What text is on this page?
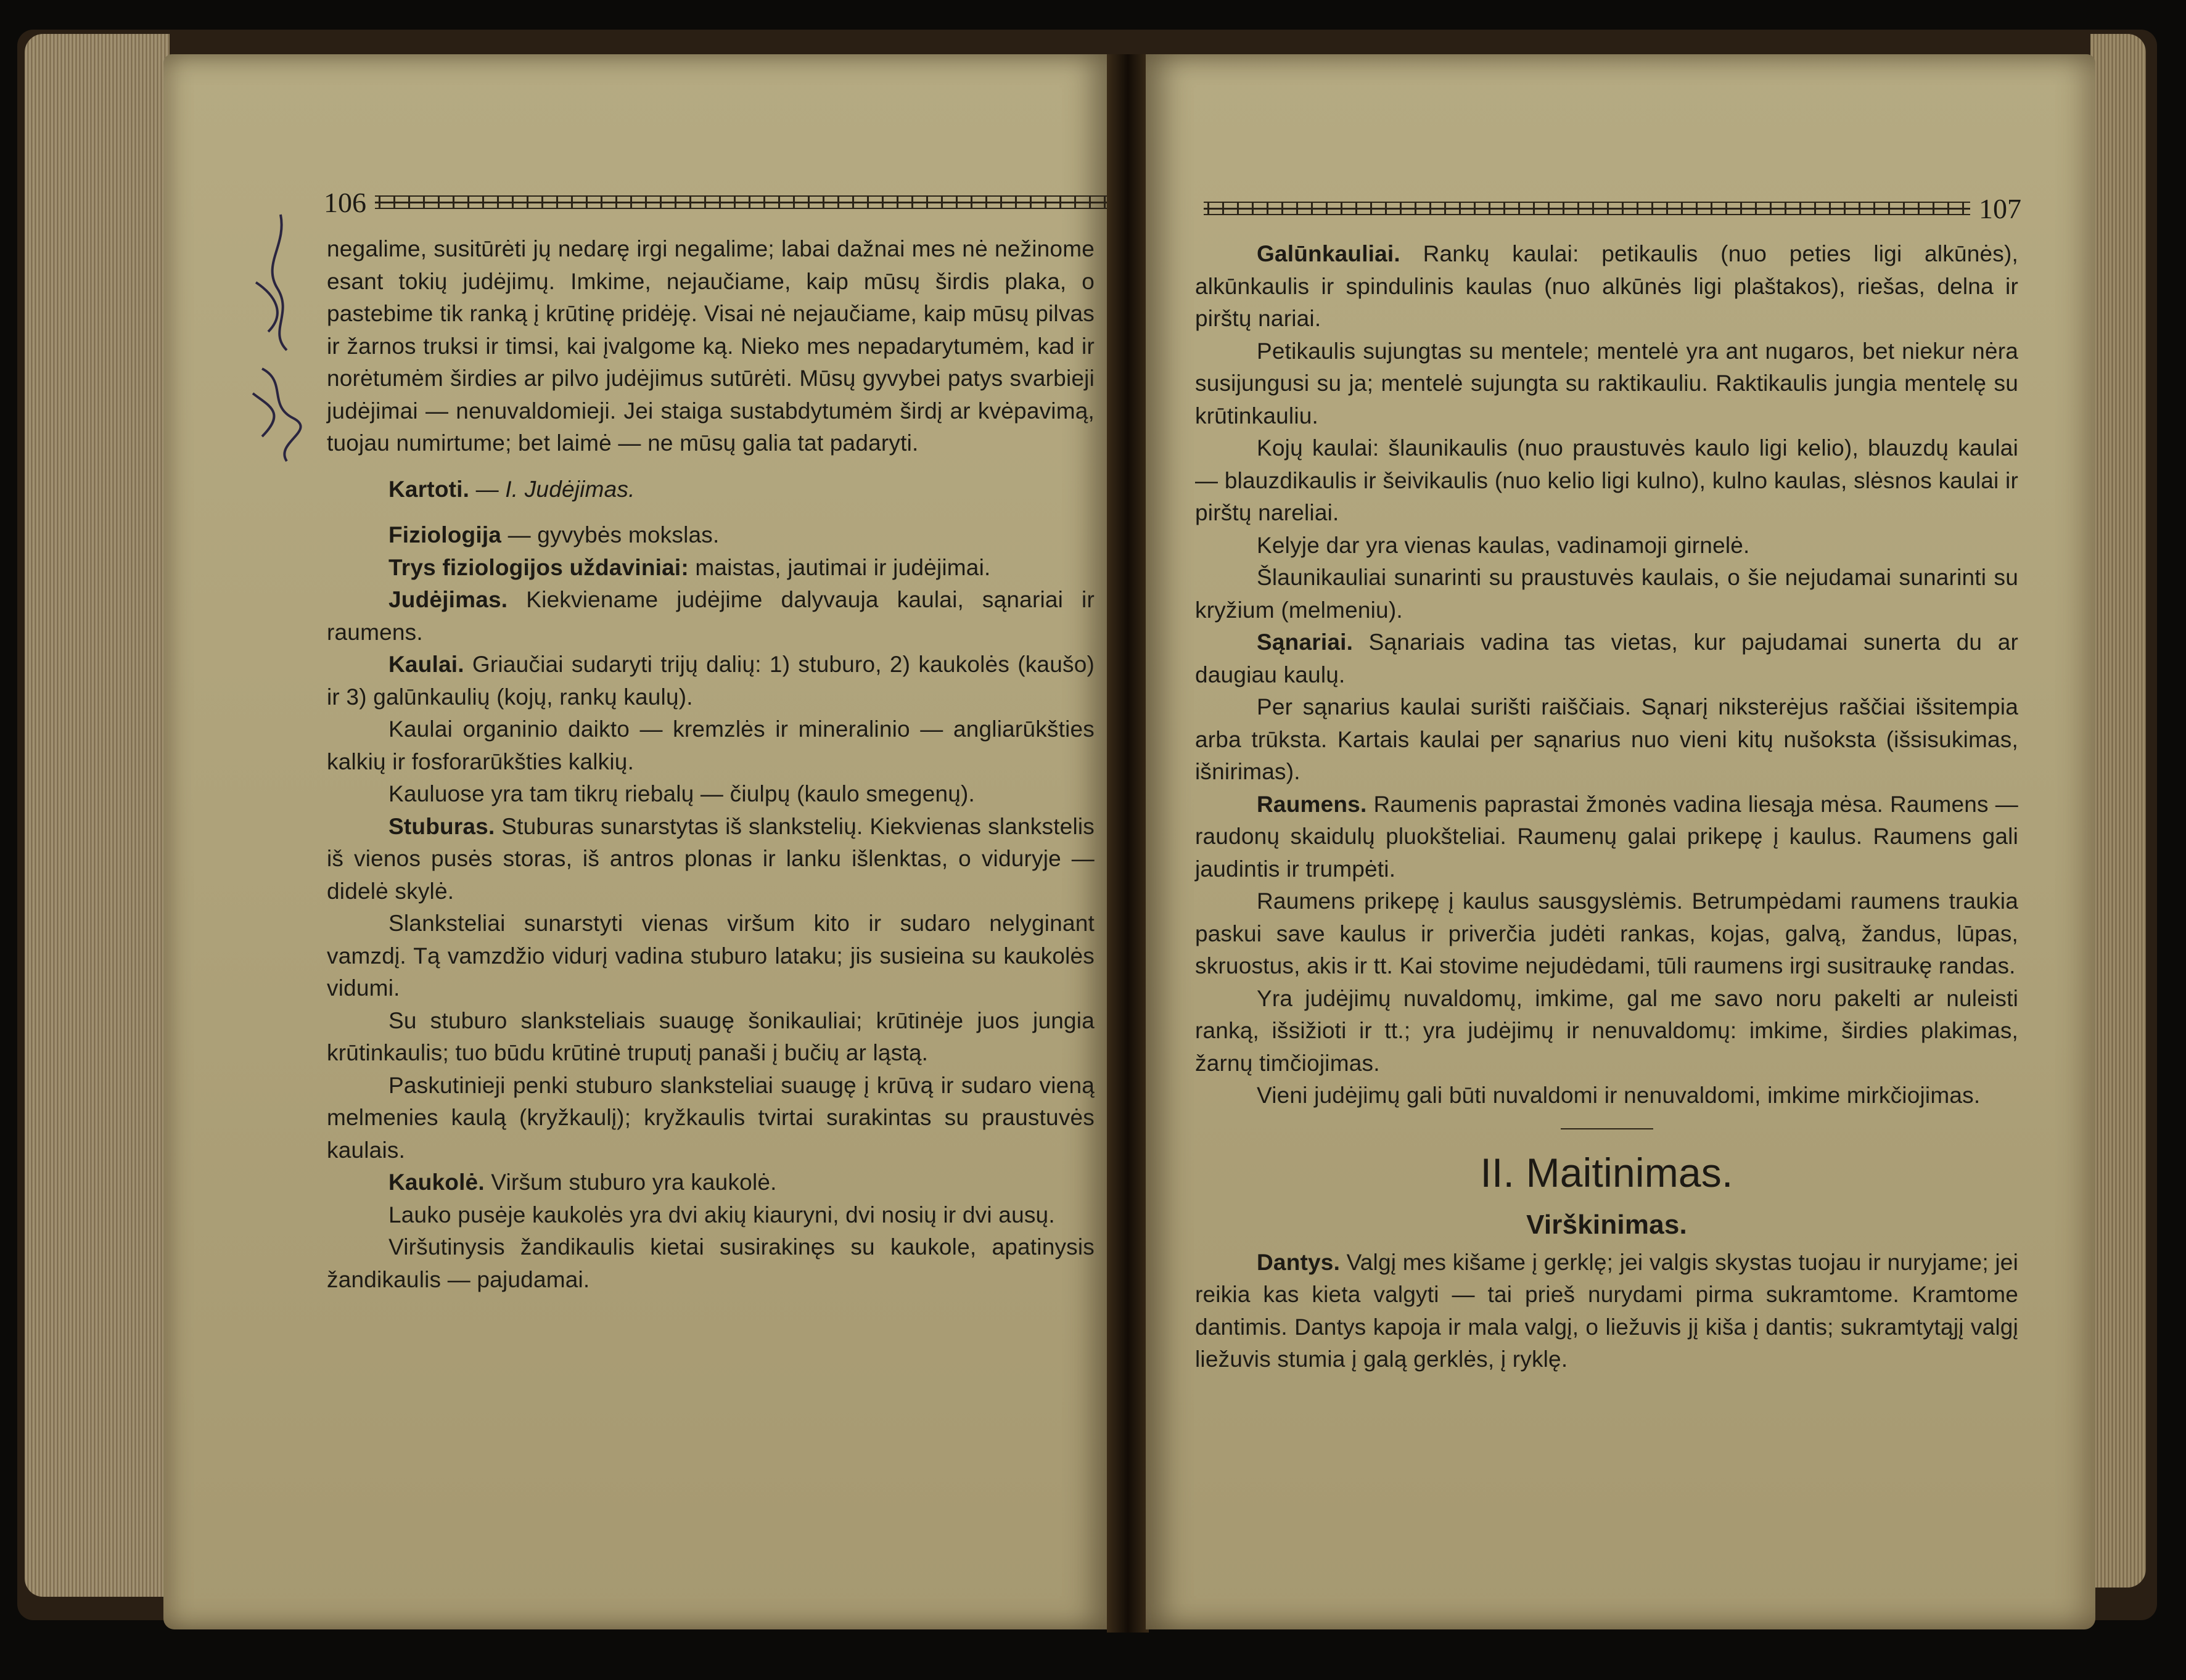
106

negalime, susitūrėti jų nedarę irgi negalime; labai dažnai mes nė nežinome esant tokių judėjimų. Imkime, nejaučiame, kaip mūsų širdis plaka, o pastebime tik ranką į krūtinę pridėję. Visai nė nejaučiame, kaip mūsų pilvas ir žarnos truksi ir timsi, kai įvalgome ką. Nieko mes nepadarytumėm, kad ir norėtumėm širdies ar pilvo judėjimus sutūrėti. Mūsų gyvybei patys svarbieji judėjimai — nenuvaldomieji. Jei staiga sustabdytumėm širdį ar kvėpavimą, tuojau numirtume; bet laimė — ne mūsų galia tat padaryti.

Kartoti. — I. Judėjimas.

Fiziologija — gyvybės mokslas.

Trys fiziologijos uždaviniai: maistas, jautimai ir judėjimai.

Judėjimas. Kiekviename judėjime dalyvauja kaulai, sąnariai ir raumens.

Kaulai. Griaučiai sudaryti trijų dalių: 1) stuburo, 2) kaukolės (kaušo) ir 3) galūnkaulių (kojų, rankų kaulų).

Kaulai organinio daikto — kremzlės ir mineralinio — angliarūkšties kalkių ir fosforarūkšties kalkių.

Kauluose yra tam tikrų riebalų — čiulpų (kaulo smegenų).

Stuburas. Stuburas sunarstytas iš slankstelių. Kiekvienas slankstelis iš vienos pusės storas, iš antros plonas ir lanku išlenktas, o viduryje — didelė skylė.

Slanksteliai sunarstyti vienas viršum kito ir sudaro nelyginant vamzdį. Tą vamzdžio vidurį vadina stuburo lataku; jis susieina su kaukolės vidumi.

Su stuburo slanksteliais suaugę šonikauliai; krūtinėje juos jungia krūtinkaulis; tuo būdu krūtinė truputį panaši į bučių ar ląstą.

Paskutinieji penki stuburo slanksteliai suaugę į krūvą ir sudaro vieną melmenies kaulą (kryžkaulį); kryžkaulis tvirtai surakintas su praustuvės kaulais.

Kaukolė. Viršum stuburo yra kaukolė.

Lauko pusėje kaukolės yra dvi akių kiauryni, dvi nosių ir dvi ausų.

Viršutinysis žandikaulis kietai susirakinęs su kaukole, apatinysis žandikaulis — pajudamai.

107

Galūnkauliai. Rankų kaulai: petikaulis (nuo peties ligi alkūnės), alkūnkaulis ir spindulinis kaulas (nuo alkūnės ligi plaštakos), riešas, delna ir pirštų nariai.

Petikaulis sujungtas su mentele; mentelė yra ant nugaros, bet niekur nėra susijungusi su ja; mentelė sujungta su raktikauliu. Raktikaulis jungia mentelę su krūtinkauliu.

Kojų kaulai: šlaunikaulis (nuo praustuvės kaulo ligi kelio), blauzdų kaulai — blauzdikaulis ir šeivikaulis (nuo kelio ligi kulno), kulno kaulas, slėsnos kaulai ir pirštų nareliai.

Kelyje dar yra vienas kaulas, vadinamoji girnelė.

Šlaunikauliai sunarinti su praustuvės kaulais, o šie nejudamai sunarinti su kryžium (melmeniu).

Sąnariai. Sąnariais vadina tas vietas, kur pajudamai sunerta du ar daugiau kaulų.

Per sąnarius kaulai surišti raiščiais. Sąnarį niksterėjus raščiai išsitempia arba trūksta. Kartais kaulai per sąnarius nuo vieni kitų nušoksta (išsisukimas, išnirimas).

Raumens. Raumenis paprastai žmonės vadina liesąja mėsa. Raumens — raudonų skaidulų pluokšteliai. Raumenų galai prikepę į kaulus. Raumens gali jaudintis ir trumpėti.

Raumens prikepę į kaulus sausgyslėmis. Betrumpėdami raumens traukia paskui save kaulus ir priverčia judėti rankas, kojas, galvą, žandus, lūpas, skruostus, akis ir tt. Kai stovime nejudėdami, tūli raumens irgi susitraukę randas.

Yra judėjimų nuvaldomų, imkime, gal me savo noru pakelti ar nuleisti ranką, išsižioti ir tt.; yra judėjimų ir nenuvaldomų: imkime, širdies plakimas, žarnų timčiojimas.

Vieni judėjimų gali būti nuvaldomi ir nenuvaldomi, imkime mirkčiojimas.

II. Maitinimas.
Virškinimas.

Dantys. Valgį mes kišame į gerklę; jei valgis skystas tuojau ir nuryjame; jei reikia kas kieta valgyti — tai prieš nurydami pirma sukramtome. Kramtome dantimis. Dantys kapoja ir mala valgį, o liežuvis jį kiša į dantis; sukramtytąjį valgį liežuvis stumia į galą gerklės, į ryklę.
